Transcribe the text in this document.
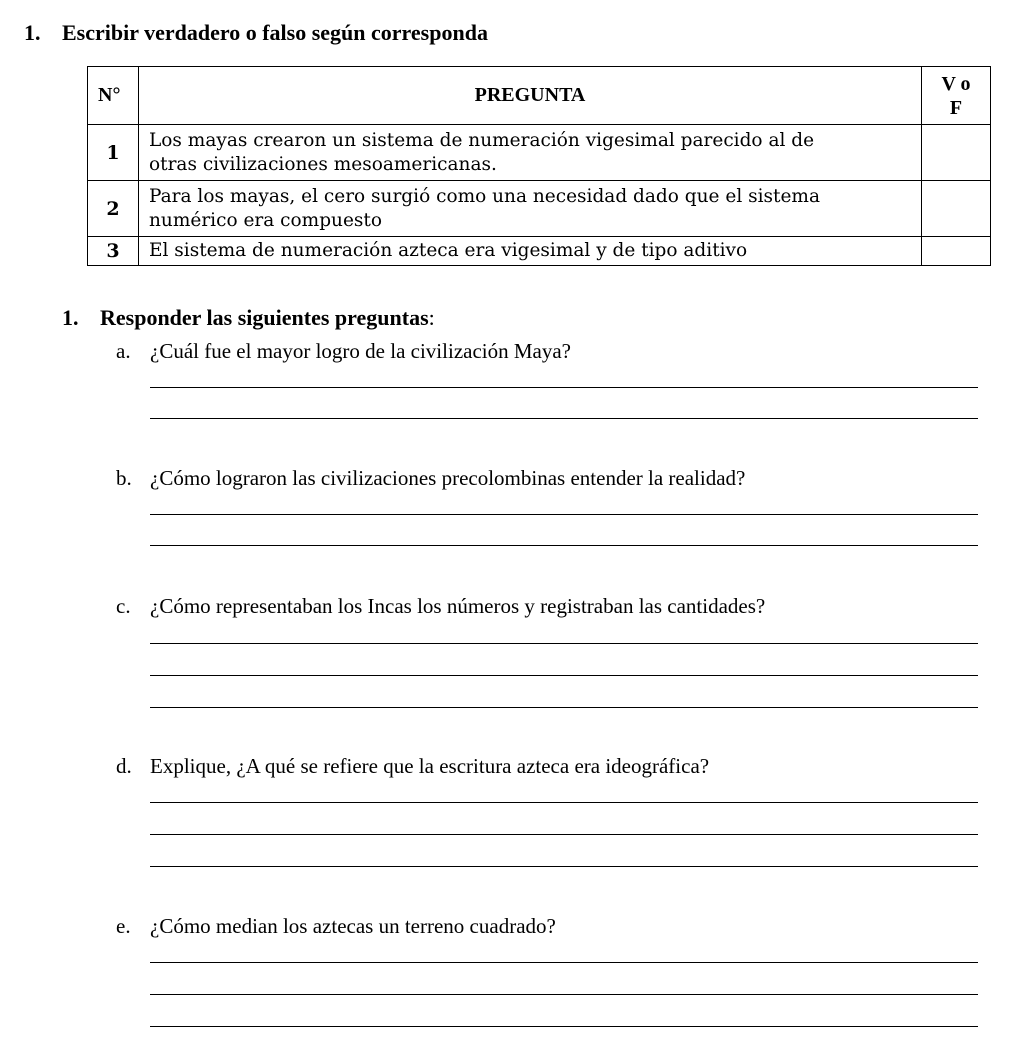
1. Escribir verdadero o falso según corresponda
N°	PREGUNTA	V o
F

1	Los mayas crearon un sistema de numeración vigesimal parecido al de
otras civilizaciones mesoamericanas.	

2	Para los mayas, el cero surgió como una necesidad dado que el sistema
numérico era compuesto	

3	El sistema de numeración azteca era vigesimal y de tipo aditivo	

1. Responder las siguientes preguntas:
a. ¿Cuál fue el mayor logro de la civilización Maya?
b. ¿Cómo lograron las civilizaciones precolombinas entender la realidad?
c. ¿Cómo representaban los Incas los números y registraban las cantidades?
d. Explique, ¿A qué se refiere que la escritura azteca era ideográfica?
e. ¿Cómo median los aztecas un terreno cuadrado?
